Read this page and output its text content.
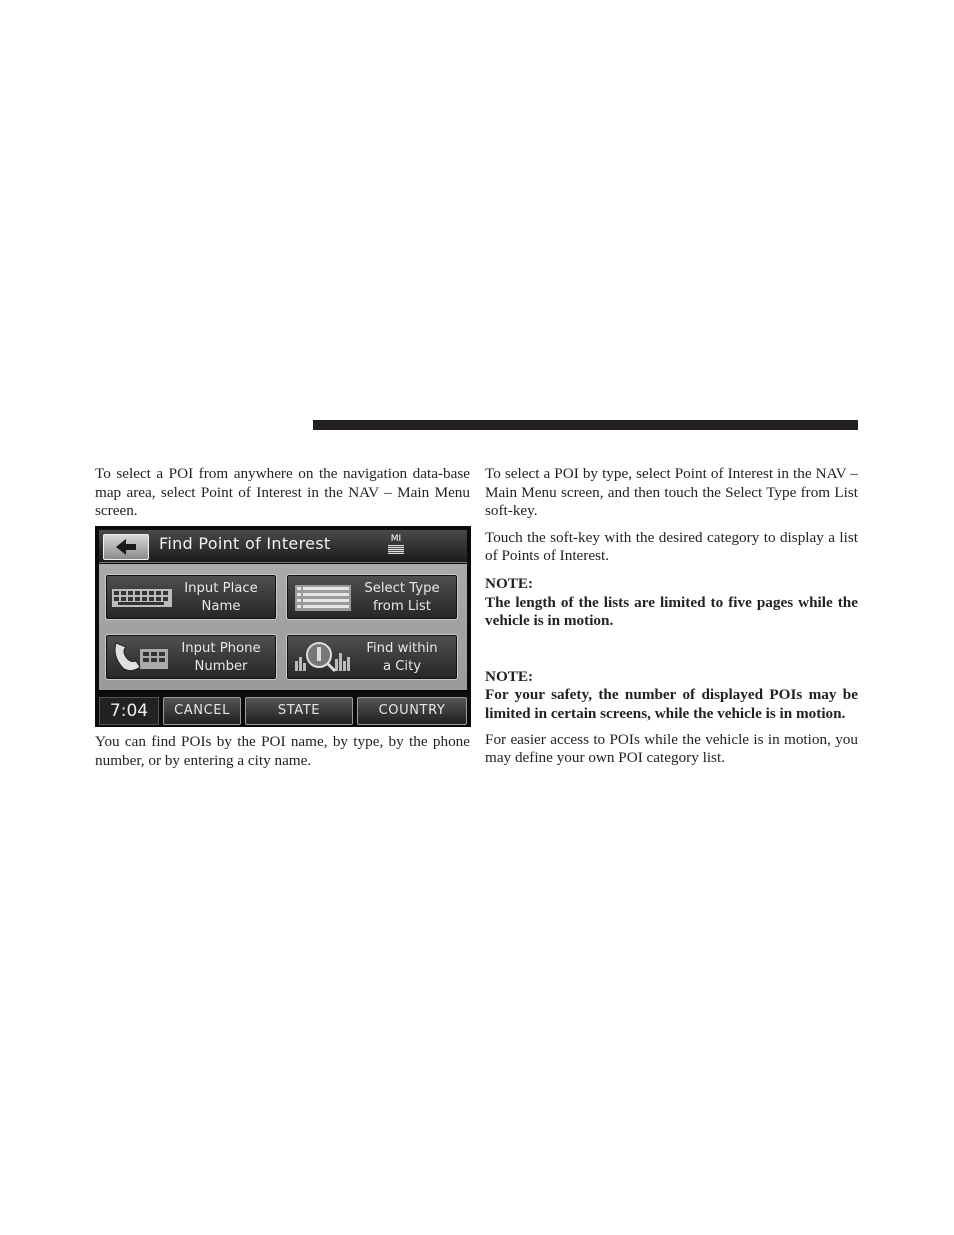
To select a POI from anywhere on the navigation data-base map area, select Point of Interest in the NAV – Main Menu screen.

Find Point of Interest	MI
Input Place
Name
Select Type
from List
Input Phone
Number
Find within
a City
7:04	CANCEL	STATE	COUNTRY

You can find POIs by the POI name, by type, by the phone number, or by entering a city name.

To select a POI by type, select Point of Interest in the NAV – Main Menu screen, and then touch the Select Type from List soft-key.

Touch the soft-key with the desired category to display a list of Points of Interest.

NOTE:

The length of the lists are limited to five pages while the vehicle is in motion.

NOTE:

For your safety, the number of displayed POIs may be limited in certain screens, while the vehicle is in motion.

For easier access to POIs while the vehicle is in motion, you may define your own POI category list.
